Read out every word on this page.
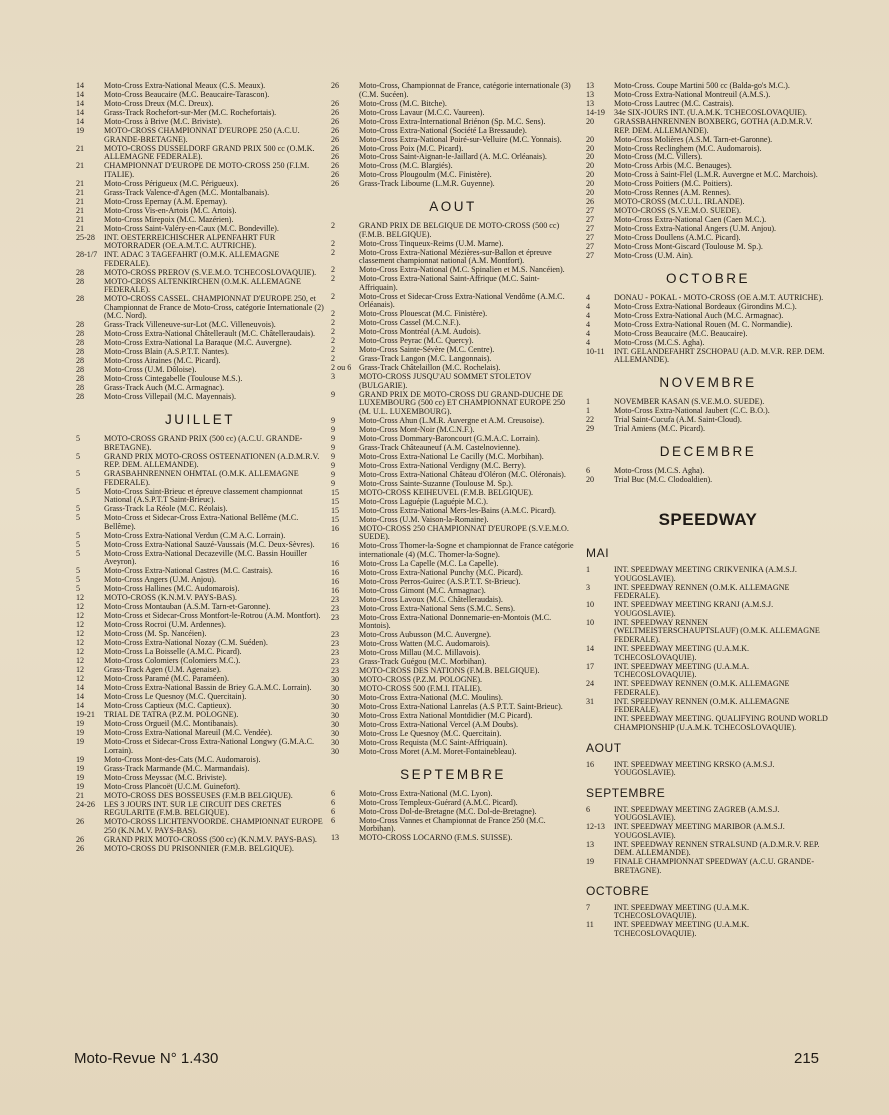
14	Moto-Cross Extra-National Meaux (C.S. Meaux).
14	Moto-Cross Beaucaire (M.C. Beaucaire-Tarascon).
14	Moto-Cross Dreux (M.C. Dreux).
14	Grass-Track Rochefort-sur-Mer (M.C. Rochefortais).
14	Moto-Cross à Brive (M.C. Briviste).
19	MOTO-CROSS CHAMPIONNAT D'EUROPE 250 (A.C.U. GRANDE-BRETAGNE).
21	MOTO-CROSS DUSSELDORF GRAND PRIX 500 cc (O.M.K. ALLEMAGNE FEDERALE).
21	CHAMPIONNAT D'EUROPE DE MOTO-CROSS 250 (F.I.M. ITALIE).
21	Moto-Cross Périgueux (M.C. Périgueux).
21	Grass-Track Valence-d'Agen (M.C. Montalbanais).
21	Moto-Cross Epernay (A.M. Epernay).
21	Moto-Cross Vis-en-Artois (M.C. Artois).
21	Moto-Cross Mirepoix (M.C. Mazérien).
21	Moto-Cross Saint-Valéry-en-Caux (M.C. Bondeville).
25-28	INT. OESTERREICHISCHER ALPENFAHRT FUR MOTORRADER (OE.A.M.T.C. AUTRICHE).
28-1/7 INT. ADAC 3 TAGEFAHRT (O.M.K. ALLEMAGNE FEDERALE).
28	MOTO-CROSS PREROV (S.V.E.M.O. TCHECOSLOVAQUIE).
28	MOTO-CROSS ALTENKIRCHEN (O.M.K. ALLEMAGNE FEDERALE).
28	MOTO-CROSS CASSEL. CHAMPIONNAT D'EUROPE 250, et Championnat de France de Moto-Cross, catégorie Internationale (2) (M.C. Nord).
28	Grass-Track Villeneuve-sur-Lot (M.C. Villeneuvois).
28	Moto-Cross Extra-National Châtellerault (M.C. Châtelleraudais).
28	Moto-Cross Extra-National La Baraque (M.C. Auvergne).
28	Moto-Cross Blain (A.S.P.T.T. Nantes).
28	Moto-Cross Airaines (M.C. Picard).
28	Moto-Cross (U.M. Dôloise).
28	Moto-Cross Cintegabelle (Toulouse M.S.).
28	Grass-Track Auch (M.C. Armagnac).
28	Moto-Cross Villepail (M.C. Mayennais).
JUILLET
5	MOTO-CROSS GRAND PRIX (500 cc) (A.C.U. GRANDE-BRETAGNE).
5	GRAND PRIX MOTO-CROSS OSTEENATIONEN (A.D.M.R.V. REP. DEM. ALLEMANDE).
5	GRASBAHNRENNEN OHMTAL (O.M.K. ALLEMAGNE FEDERALE).
5	Moto-Cross Saint-Brieuc et épreuve classement championnat National (A.S.P.T.T Saint-Brieuc).
5	Grass-Track La Réole (M.C. Réolais).
5	Moto-Cross et Sidecar-Cross Extra-National Bellême (M.C. Bellême).
5	Moto-Cross Extra-National Verdun (C.M A.C. Lorrain).
5	Moto-Cross Extra-National Sauzé-Vaussais (M.C. Deux-Sèvres).
5	Moto-Cross Extra-National Decazeville (M.C. Bassin Houiller Aveyron).
5	Moto-Cross Extra-National Castres (M.C. Castrais).
5	Moto-Cross Angers (U.M. Anjou).
5	Moto-Cross Hallines (M.C. Audomarois).
12	MOTO-CROSS (K.N.M.V. PAYS-BAS).
12	Moto-Cross Montauban (A.S.M. Tarn-et-Garonne).
12	Moto-Cross et Sidecar-Cross Montfort-le-Rotrou (A.M. Montfort).
12	Moto-Cross Rocroi (U.M. Ardennes).
12	Moto-Cross (M. Sp. Nancéien).
12	Moto-Cross Extra-National Nozay (C.M. Suéden).
12	Moto-Cross La Boisselle (A.M.C. Picard).
12	Moto-Cross Colomiers (Colomiers M.C.).
12	Grass-Track Agen (U.M. Agenaise).
12	Moto-Cross Paramé (M.C. Paraméen).
14	Moto-Cross Extra-National Bassin de Briey G.A.M.C. Lorrain).
14	Moto-Cross Le Quesnoy (M.C. Quercitain).
14	Moto-Cross Captieux (M.C. Captieux).
19-21	TRIAL DE TATRA (P.Z.M. POLOGNE).
19	Moto-Cross Orgueil (M.C. Montibanais).
19	Moto-Cross Extra-National Mareuil (M.C. Vendée).
19	Moto-Cross et Sidecar-Cross Extra-National Longwy (G.M.A.C. Lorrain).
19	Moto-Cross Mont-des-Cats (M.C. Audomarois).
19	Grass-Track Marmande (M.C. Marmandais).
19	Moto-Cross Meyssac (M.C. Briviste).
19	Moto-Cross Plancoët (U.C.M. Guinefort).
21	MOTO-CROSS DES BOSSEUSES (F.M.B BELGIQUE).
24-26	LES 3 JOURS INT. SUR LE CIRCUIT DES CRETES REGULARITE (F.M.B. BELGIQUE).
26	MOTO-CROSS LICHTENVOORDE. CHAMPIONNAT EUROPE 250 (K.N.M.V. PAYS-BAS).
26	GRAND PRIX MOTO-CROSS (500 cc) (K.N.M.V. PAYS-BAS).
26	MOTO-CROSS DU PRISONNIER (F.M.B. BELGIQUE).
26	Moto-Cross, Championnat de France, catégorie internationale (3) (C.M. Sucéen).
26	Moto-Cross (M.C. Bitche).
26	Moto-Cross Lavaur (M.C.C. Vaureen).
26	Moto-Cross Extra-International Briénon (Sp. M.C. Sens).
26	Moto-Cross Extra-National (Société La Bressaude).
26	Moto-Cross Extra-National Poiré-sur-Velluire (M.C. Yonnais).
26	Moto-Cross Poix (M.C. Picard).
26	Moto-Cross Saint-Aignan-le-Jaillard (A. M.C. Orléanais).
26	Moto-Cross (M.C. Blargiés).
26	Moto-Cross Plougoulm (M.C. Finistère).
26	Grass-Track Libourne (L.M.R. Guyenne).
AOUT
2	GRAND PRIX DE BELGIQUE DE MOTO-CROSS (500 cc) (F.M.B. BELGIQUE).
2	Moto-Cross Tinqueux-Reims (U.M. Marne).
2	Moto-Cross Extra-National Mézières-sur-Ballon et épreuve classement championnat national (A.M. Montfort).
2	Moto-Cross Extra-National (M.C. Spinalien et M.S. Nancéien).
2	Moto-Cross Extra-National Saint-Affrique (M.C. Saint-Affriquain).
2	Moto-Cross et Sidecar-Cross Extra-National Vendôme (A.M.C. Orléanais).
2	Moto-Cross Plouescat (M.C. Finistère).
2	Moto-Cross Cassel (M.C.N.F.).
2	Moto-Cross Montréal (A.M. Audois).
2	Moto-Cross Peyrac (M.C. Quercy).
2	Moto-Cross Sainte-Sévère (M.C. Centre).
2	Grass-Track Langon (M.C. Langonnais).
2 ou 6 Grass-Track Châtelaillon (M.C. Rochelais).
3	MOTO-CROSS JUSQU'AU SOMMET STOLETOV (BULGARIE).
9	GRAND PRIX DE MOTO-CROSS DU GRAND-DUCHE DE LUXEMBOURG (500 cc) ET CHAMPIONNAT EUROPE 250 (M. U.L. LUXEMBOURG).
9	Moto-Cross Ahun (L.M.R. Auvergne et A.M. Creusoise).
9	Moto-Cross Mont-Noir (M.C.N.F.).
9	Moto-Cross Dommary-Baroncourt (G.M.A.C. Lorrain).
9	Grass-Track Châteauneuf (A.M. Castelnovienne).
9	Moto-Cross Extra-National Le Cacilly (M.C. Morbihan).
9	Moto-Cross Extra-National Verdigny (M.C. Berry).
9	Moto-Cross Extra-National Château d'Oléron (M.C. Oléronais).
9	Moto-Cross Sainte-Suzanne (Toulouse M. Sp.).
15	MOTO-CROSS KEIHEUVEL (F.M.B. BELGIQUE).
15	Moto-Cross Laguépie (Laguépie M.C.).
15	Moto-Cross Extra-National Mers-les-Bains (A.M.C. Picard).
15	Moto-Cross (U.M. Vaison-la-Romaine).
16	MOTO-CROSS 250 CHAMPIONNAT D'EUROPE (S.V.E.M.O. SUEDE).
16	Moto-Cross Thomer-la-Sogne et championnat de France catégorie internationale (4) (M.C. Thomer-la-Sogne).
16	Moto-Cross La Capelle (M.C. La Capelle).
16	Moto-Cross Extra-National Punchy (M.C. Picard).
16	Moto-Cross Perros-Guirec (A.S.P.T.T. St-Brieuc).
16	Moto-Cross Gimont (M.C. Armagnac).
23	Moto-Cross Lavoux (M.C. Châtelleraudais).
23	Moto-Cross Extra-National Sens (S.M.C. Sens).
23	Moto-Cross Extra-National Donnemarie-en-Montois (M.C. Montois).
23	Moto-Cross Aubusson (M.C. Auvergne).
23	Moto-Cross Watten (M.C. Audomarois).
23	Moto-Cross Millau (M.C. Millavois).
23	Grass-Track Guégou (M.C. Morbihan).
23	MOTO-CROSS DES NATIONS (F.M.B. BELGIQUE).
30	MOTO-CROSS (P.Z.M. POLOGNE).
30	MOTO-CROSS 500 (F.M.I. ITALIE).
30	Moto-Cross Extra-National (M.C. Moulins).
30	Moto-Cross Extra-National Lanrelas (A.S P.T.T. Saint-Brieuc).
30	Moto-Cross Extra National Montdidier (M.C Picard).
30	Moto-Cross Extra-National Vercel (A.M Doubs).
30	Moto-Cross Le Quesnoy (M.C. Quercitain).
30	Moto-Cross Requista (M.C Saint-Affriquain).
30	Moto-Cross Moret (A.M. Moret-Fontainebleau).
SEPTEMBRE
6	Moto-Cross Extra-National (M.C. Lyon).
6	Moto-Cross Templeux-Guérard (A.M.C. Picard).
6	Moto-Cross Dol-de-Bretagne (M.C. Dol-de-Bretagne).
6	Moto-Cross Vannes et Championnat de France 250 (M.C. Morbihan).
13	MOTO-CROSS LOCARNO (F.M.S. SUISSE).
13	Moto-Cross. Coupe Martini 500 cc (Balda-go's M.C.).
13	Moto-Cross Extra-National Montreuil (A.M.S.).
13	Moto-Cross Lautrec (M.C. Castrais).
14-19	34e SIX-JOURS INT. (U.A.M.K. TCHECOSLOVAQUIE).
20	GRASSBAHNRENNEN BOXBERG, GOTHA (A.D.M.R.V. REP. DEM. ALLEMANDE).
20	Moto-Cross Molières (A.S.M. Tarn-et-Garonne).
20	Moto-Cross Reclinghem (M.C. Audomarois).
20	Moto-Cross (M.C. Villers).
20	Moto-Cross Arbis (M.C. Benauges).
20	Moto-Cross à Saint-Flel (L.M.R. Auvergne et M.C. Marchois).
20	Moto-Cross Poitiers (M.C. Poitiers).
20	Moto-Cross Rennes (A.M. Rennes).
26	MOTO-CROSS (M.C.U.L. IRLANDE).
27	MOTO-CROSS (S.V.E.M.O. SUEDE).
27	Moto-Cross Extra-National Caen (Caen M.C.).
27	Moto-Cross Extra-National Angers (U.M. Anjou).
27	Moto-Cross Doullens (A.M.C. Picard).
27	Moto-Cross Mont-Giscard (Toulouse M. Sp.).
27	Moto-Cross (U.M. Ain).
OCTOBRE
4	DONAU - POKAL - MOTO-CROSS (OE A.M.T. AUTRICHE).
4	Moto-Cross Extra-National Bordeaux (Girondins M.C.).
4	Moto-Cross Extra-National Auch (M.C. Armagnac).
4	Moto-Cross Extra-National Rouen (M. C. Normandie).
4	Moto-Cross Beaucaire (M.C. Beaucaire).
4	Moto-Cross (M.C.S. Agha).
10-11	INT. GELANDEFAHRT ZSCHOPAU (A.D. M.V.R. REP. DEM. ALLEMANDE).
NOVEMBRE
1	NOVEMBER KASAN (S.V.E.M.O. SUEDE).
1	Moto-Cross Extra-National Jaubert (C.C. B.O.).
22	Trial Saint-Cucufa (A.M. Saint-Cloud).
29	Trial Amiens (M.C. Picard).
DECEMBRE
6	Moto-Cross (M.C.S. Agha).
20	Trial Buc (M.C. Clodoaldien).
SPEEDWAY
MAI
1	INT. SPEEDWAY MEETING CRIKVENIKA (A.M.S.J. YOUGOSLAVIE).
3	INT. SPEEDWAY RENNEN (O.M.K. ALLEMAGNE FEDERALE).
10	INT. SPEEDWAY MEETING KRANJ (A.M.S.J. YOUGOSLAVIE).
10	INT. SPEEDWAY RENNEN (WELTMEISTERSCHAUPTSLAUF) (O.M.K. ALLEMAGNE FEDERALE).
14	INT. SPEEDWAY MEETING (U.A.M.K. TCHECOSLOVAQUIE).
17	INT. SPEEDWAY MEETING (U.A.M.A. TCHECOSLOVAQUIE).
24	INT. SPEEDWAY RENNEN (O.M.K. ALLEMAGNE FEDERALE).
31	INT. SPEEDWAY RENNEN (O.M.K. ALLEMAGNE FEDERALE).
INT. SPEEDWAY MEETING. QUALIFYING ROUND WORLD CHAMPIONSHIP (U.A.M.K. TCHECOSLOVAQUIE).
AOUT
16	INT. SPEEDWAY MEETING KRSKO (A.M.S.J. YOUGOSLAVIE).
SEPTEMBRE
6	INT. SPEEDWAY MEETING ZAGREB (A.M.S.J. YOUGOSLAVIE).
12-13	INT. SPEEDWAY MEETING MARIBOR (A.M.S.J. YOUGOSLAVIE).
13	INT. SPEEDWAY RENNEN STRALSUND (A.D.M.R.V. REP. DEM. ALLEMANDE).
19	FINALE CHAMPIONNAT SPEEDWAY (A.C.U. GRANDE-BRETAGNE).
OCTOBRE
7	INT. SPEEDWAY MEETING (U.A.M.K. TCHECOSLOVAQUIE).
11	INT. SPEEDWAY MEETING (U.A.M.K. TCHECOSLOVAQUIE).
Moto-Revue N° 1.430	215
